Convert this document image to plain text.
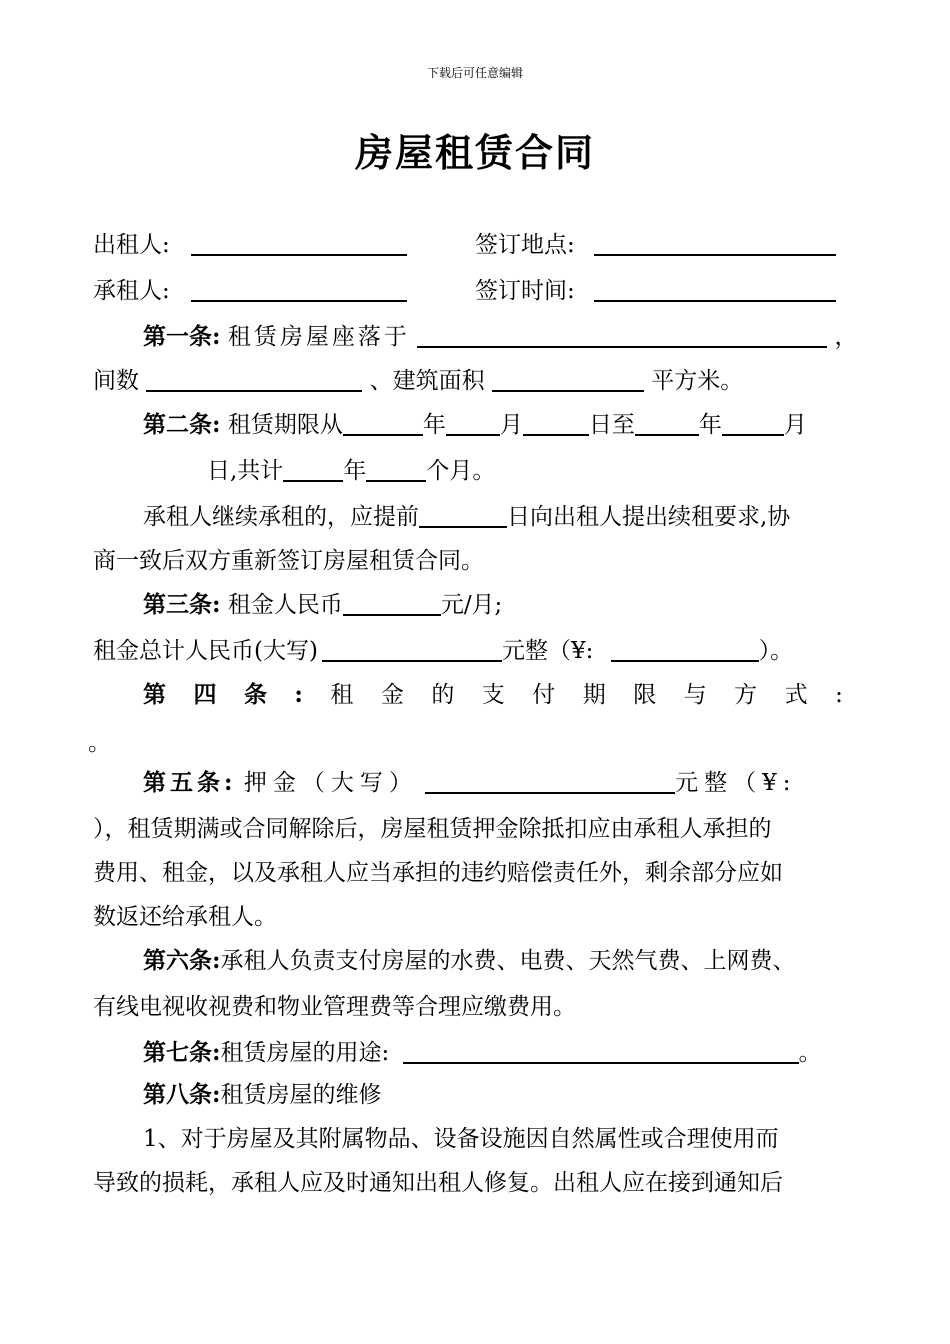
下载后可任意编辑
房屋租赁合同
出租人:	签订地点:
承租人:	签订时间:
第一条: 租赁房屋座落于	，
间数	、建筑面积	平方米。
第二条: 租赁期限从	年 月	日至	年	月
日,共计	年	个月。
承租人继续承租的，应提前	日向出租人提出续租要求,协
商一致后双方重新签订房屋租赁合同。
第三条: 租金人民币	元/月;
租金总计人民币(大写)	元整（¥:	）。
第 四 条 : 租 金 的 支 付 期 限 与 方 式 :
。
第五条: 押金（大写）	元整（¥:
），租赁期满或合同解除后，房屋租赁押金除抵扣应由承租人承担的
费用、租金，以及承租人应当承担的违约赔偿责任外，剩余部分应如
数返还给承租人。
第六条:承租人负责支付房屋的水费、电费、天然气费、上网费、
有线电视收视费和物业管理费等合理应缴费用。
第七条:租赁房屋的用途:	。
第八条:租赁房屋的维修
1、对于房屋及其附属物品、设备设施因自然属性或合理使用而
导致的损耗，承租人应及时通知出租人修复。出租人应在接到通知后
